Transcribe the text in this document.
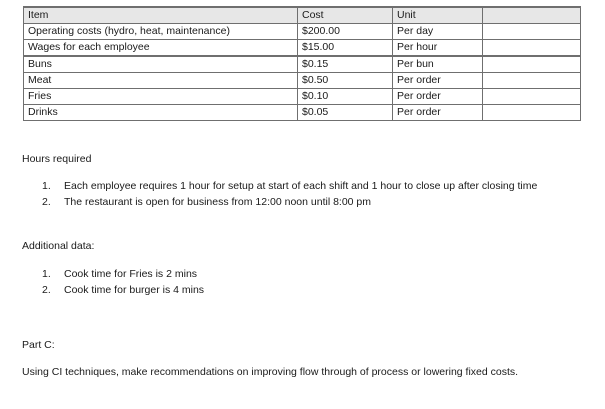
Item	Cost	Unit	
Operating costs (hydro, heat, maintenance)	$200.00	Per day	
Wages for each employee	$15.00	Per hour	
Buns	$0.15	Per bun	
Meat	$0.50	Per order	
Fries	$0.10	Per order	
Drinks	$0.05	Per order	
Hours required
1. Each employee requires 1 hour for setup at start of each shift and 1 hour to close up after closing time
2. The restaurant is open for business from 12:00 noon until 8:00 pm
Additional data:
1. Cook time for Fries is 2 mins
2. Cook time for burger is 4 mins
Part C:
Using CI techniques, make recommendations on improving flow through of process or lowering fixed costs.
